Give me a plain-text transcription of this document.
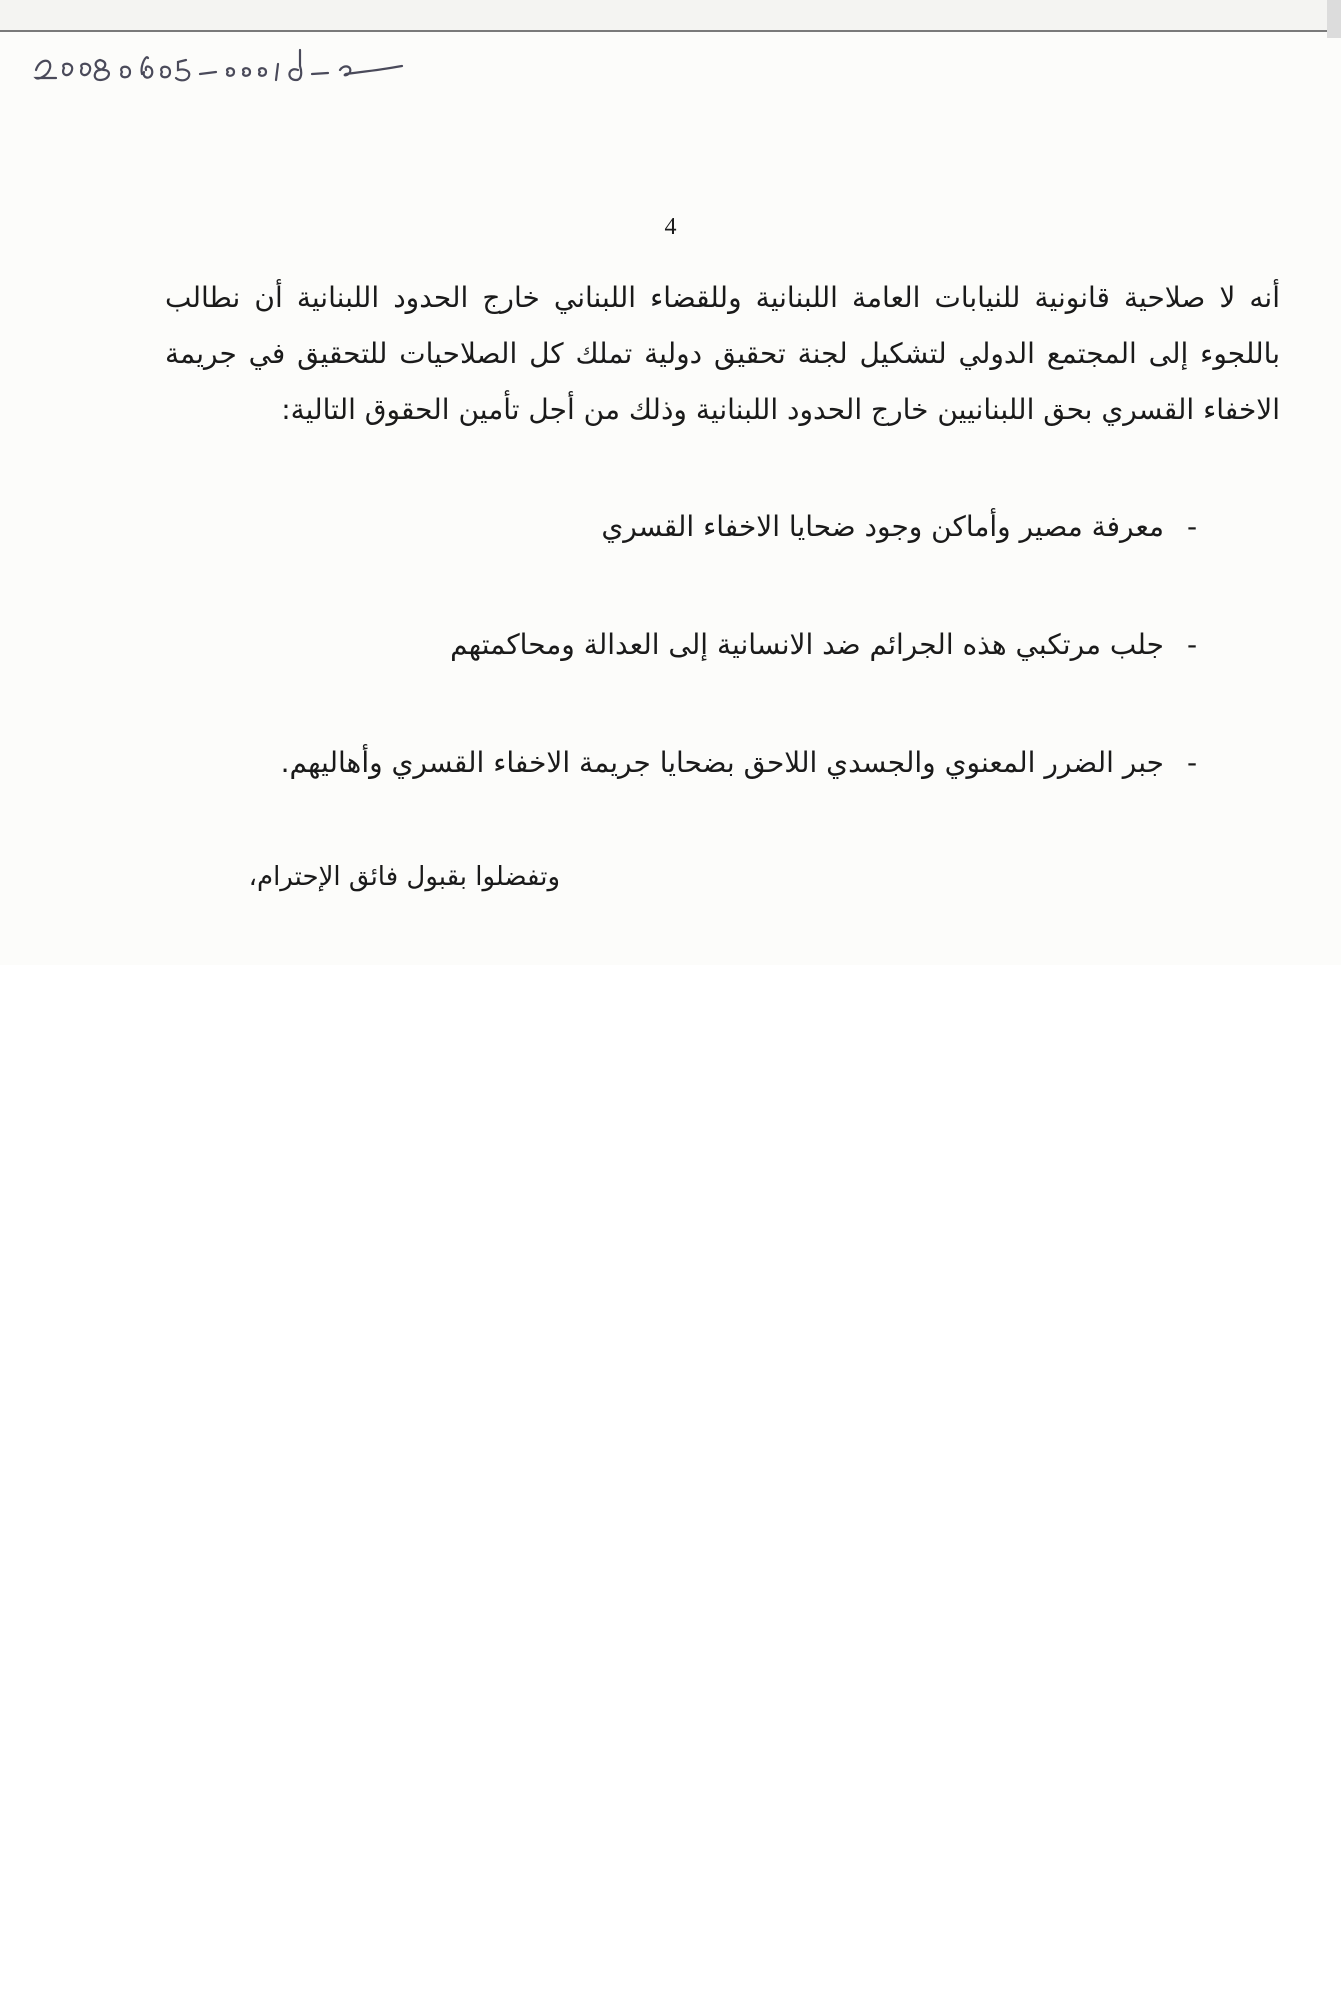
4

أنه لا صلاحية قانونية للنيابات العامة اللبنانية وللقضاء اللبناني خارج الحدود اللبنانية أن نطالب باللجوء إلى المجتمع الدولي لتشكيل لجنة تحقيق دولية تملك كل الصلاحيات للتحقيق في جريمة الاخفاء القسري بحق اللبنانيين خارج الحدود اللبنانية وذلك من أجل تأمين الحقوق التالية:

-
معرفة مصير وأماكن وجود ضحايا الاخفاء القسري
-
جلب مرتكبي هذه الجرائم ضد الانسانية إلى العدالة ومحاكمتهم
-
جبر الضرر المعنوي والجسدي اللاحق بضحايا جريمة الاخفاء القسري وأهاليهم.
وتفضلوا بقبول فائق الإحترام،
